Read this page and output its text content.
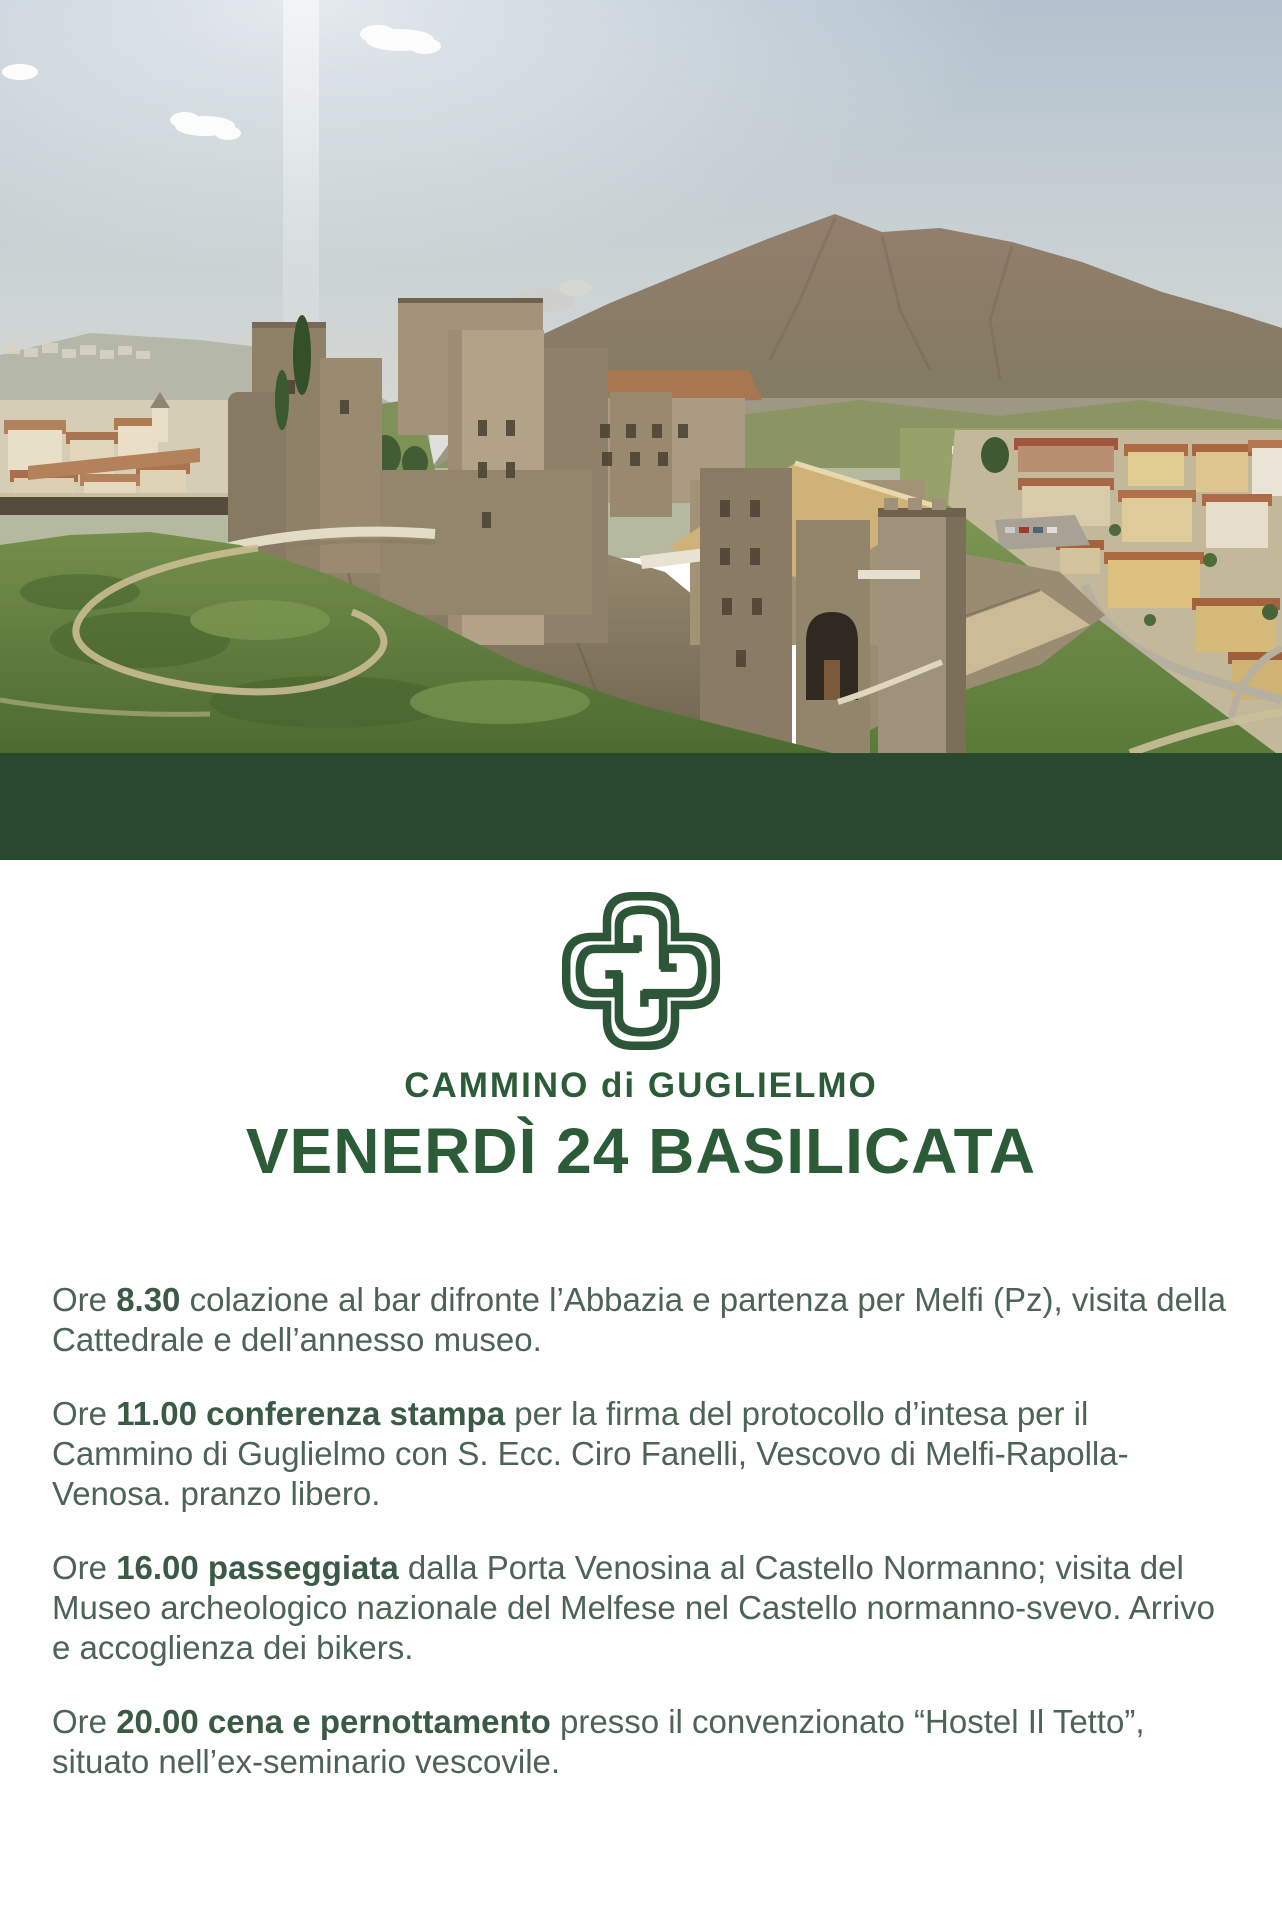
CAMMINO di GUGLIELMO
VENERDÌ 24 BASILICATA

Ore 8.30 colazione al bar difronte l’Abbazia e partenza per Melfi (Pz), visita della Cattedrale e dell’annesso museo.

Ore 11.00 conferenza stampa per la firma del protocollo d’intesa per il Cammino di Guglielmo con S. Ecc. Ciro Fanelli, Vescovo di Melfi-Rapolla-Venosa. pranzo libero.

Ore 16.00 passeggiata dalla Porta Venosina al Castello Normanno; visita del Museo archeologico nazionale del Melfese nel Castello normanno-svevo. Arrivo e accoglienza dei bikers.

Ore 20.00 cena e pernottamento presso il convenzionato “Hostel Il Tetto”, situato nell’ex-seminario vescovile.
